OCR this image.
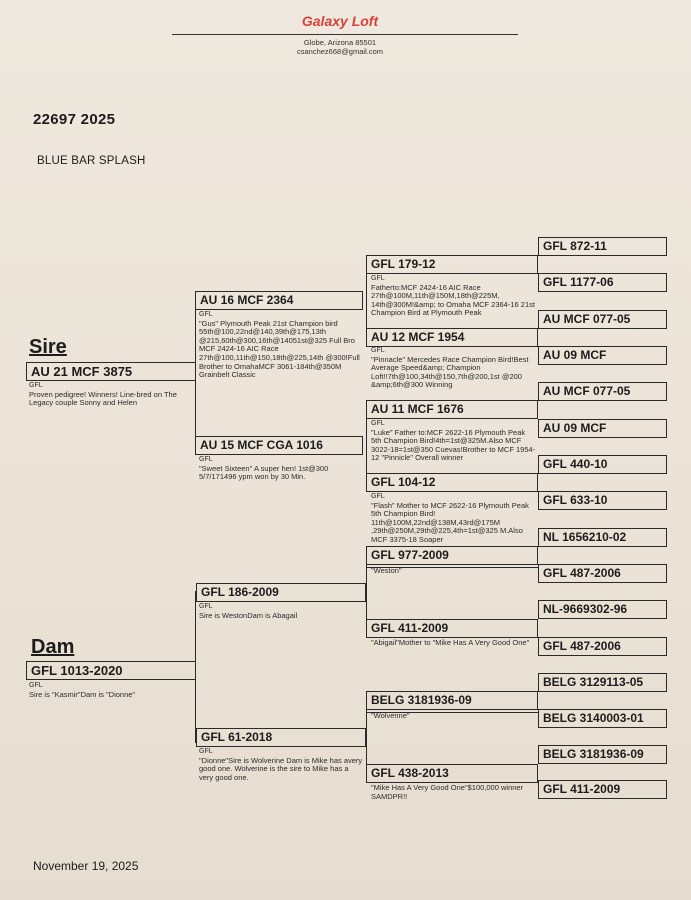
Galaxy Loft
Globe, Arizona 85501
csanchez668@gmail.com
22697 2025
BLUE BAR SPLASH
Sire
AU 21 MCF 3875
GFL
Proven pedigree! Winners! Line-bred on The Legacy couple Sonny and Helen
Dam
GFL 1013-2020
GFL
Sire is "Kasmir"Dam is "Dionne"
AU 16 MCF 2364
GFL
"Gus" Plymouth Peak 21st Champion bird 55th@100,22nd@140,39th@175,13th @215,60th@300,16th@14051st@325 Full Bro MCF 2424-16 AIC Race 27th@100,11th@150,18th@225,14th @300!Full Brother to OmahaMCF 3061-184th@350M Grainbelt Classic
AU 15 MCF CGA 1016
GFL
"Sweet Sixteen" A super hen! 1st@300 5/7/171496 ypm won by 30 Min.
GFL 186-2009
GFL
Sire is WestonDam is Abagail
GFL 61-2018
GFL
"Dionne"Sire is Wolverine Dam is Mike has avery good one. Wolverine is the sire to Mike has a very good one.
GFL 179-12
GFL
Fatherto:MCF 2424-16 AIC Race 27th@100M,11th@150M,18th@225M, 14th@300M!&amp; to Omaha MCF 2364-16 21st Champion Bird at Plymouth Peak
AU 12 MCF 1954
GFL
"Pinnacle" Mercedes Race Champion Bird!Best Average Speed&amp; Champion Loft!!7th@100,34th@150,7th@200,1st @200 &amp;6th@300 Winning
AU 11 MCF 1676
GFL
"Luke" Father to:MCF 2622-16 Plymouth Peak 5th Champion Bird!4th=1st@325M.Also MCF 3022-18=1st@350 Cuevas!Brother to MCF 1954-12 "Pinnicle" Overall winner
GFL 104-12
GFL
"Flash" Mother to MCF 2622-16 Plymouth Peak 5th Champion Bird! 11th@100M,22nd@138M,43rd@175M ,29th@250M,29th@225,4th=1st@325 M.Also MCF 3375-18 Soaper
GFL 977-2009
"Weston"
GFL 411-2009
"Abigail"Mother to "Mike Has A Very Good One"
BELG 3181936-09
"Wolverine"
GFL 438-2013
"Mike Has A Very Good One"$100,000 winner SAMDPR!!
GFL 872-11
GFL 1177-06
AU MCF 077-05
AU 09 MCF
AU MCF 077-05
AU 09 MCF
GFL 440-10
GFL 633-10
NL 1656210-02
GFL 487-2006
NL-9669302-96
GFL 487-2006
BELG 3129113-05
BELG 3140003-01
BELG 3181936-09
GFL 411-2009
November 19, 2025
